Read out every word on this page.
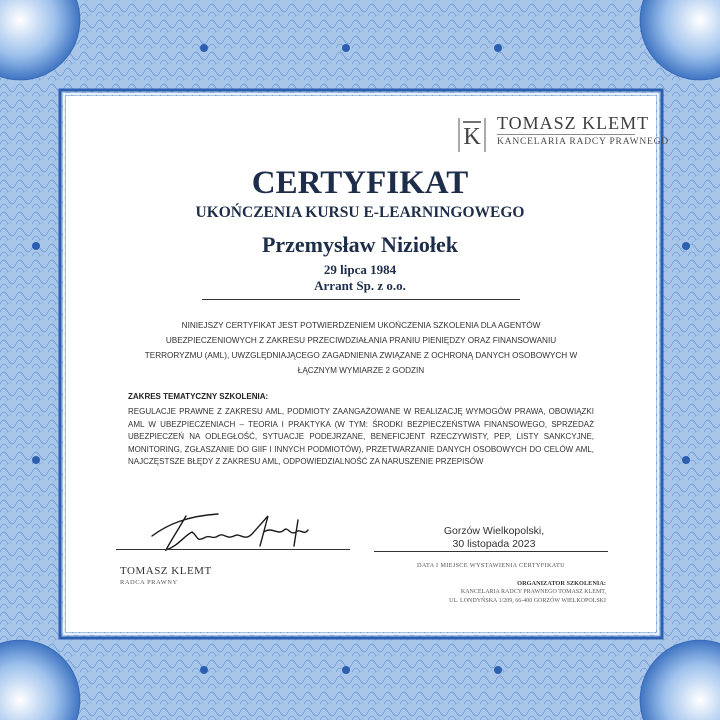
K
TOMASZ KLEMT
KANCELARIA RADCY PRAWNEGO
CERTYFIKAT
UKOŃCZENIA KURSU E-LEARNINGOWEGO
Przemysław Niziołek
29 lipca 1984
Arrant Sp. z o.o.
NINIEJSZY CERTYFIKAT JEST POTWIERDZENIEM UKOŃCZENIA SZKOLENIA DLA AGENTÓW UBEZPIECZENIOWYCH Z ZAKRESU PRZECIWDZIAŁANIA PRANIU PIENIĘDZY ORAZ FINANSOWANIU TERRORYZMU (AML), UWZGLĘDNIAJĄCEGO ZAGADNIENIA ZWIĄZANE Z OCHRONĄ DANYCH OSOBOWYCH W ŁĄCZNYM WYMIARZE 2 GODZIN
ZAKRES TEMATYCZNY SZKOLENIA:
REGULACJE PRAWNE Z ZAKRESU AML, PODMIOTY ZAANGAŻOWANE W REALIZACJĘ WYMOGÓW PRAWA, OBOWIĄZKI AML W UBEZPIECZENIACH – TEORIA I PRAKTYKA (W TYM: ŚRODKI BEZPIECZEŃSTWA FINANSOWEGO, SPRZEDAŻ UBEZPIECZEŃ NA ODLEGŁOŚĆ, SYTUACJE PODEJRZANE, BENEFICJENT RZECZYWISTY, PEP, LISTY SANKCYJNE, MONITORING, ZGŁASZANIE DO GIIF I INNYCH PODMIOTÓW), PRZETWARZANIE DANYCH OSOBOWYCH DO CELÓW AML, NAJCZĘSTSZE BŁĘDY Z ZAKRESU AML, ODPOWIEDZIALNOŚĆ ZA NARUSZENIE PRZEPISÓW
TOMASZ KLEMT
RADCA PRAWNY
Gorzów Wielkopolski,
30 listopada 2023
DATA I MIEJSCE WYSTAWIENIA CERTYFIKATU
ORGANIZATOR SZKOLENIA:
KANCELARIA RADCY PRAWNEGO TOMASZ KLEMT,
UL. LONDYŃSKA 1/209, 66-400 GORZÓW WIELKOPOLSKI
